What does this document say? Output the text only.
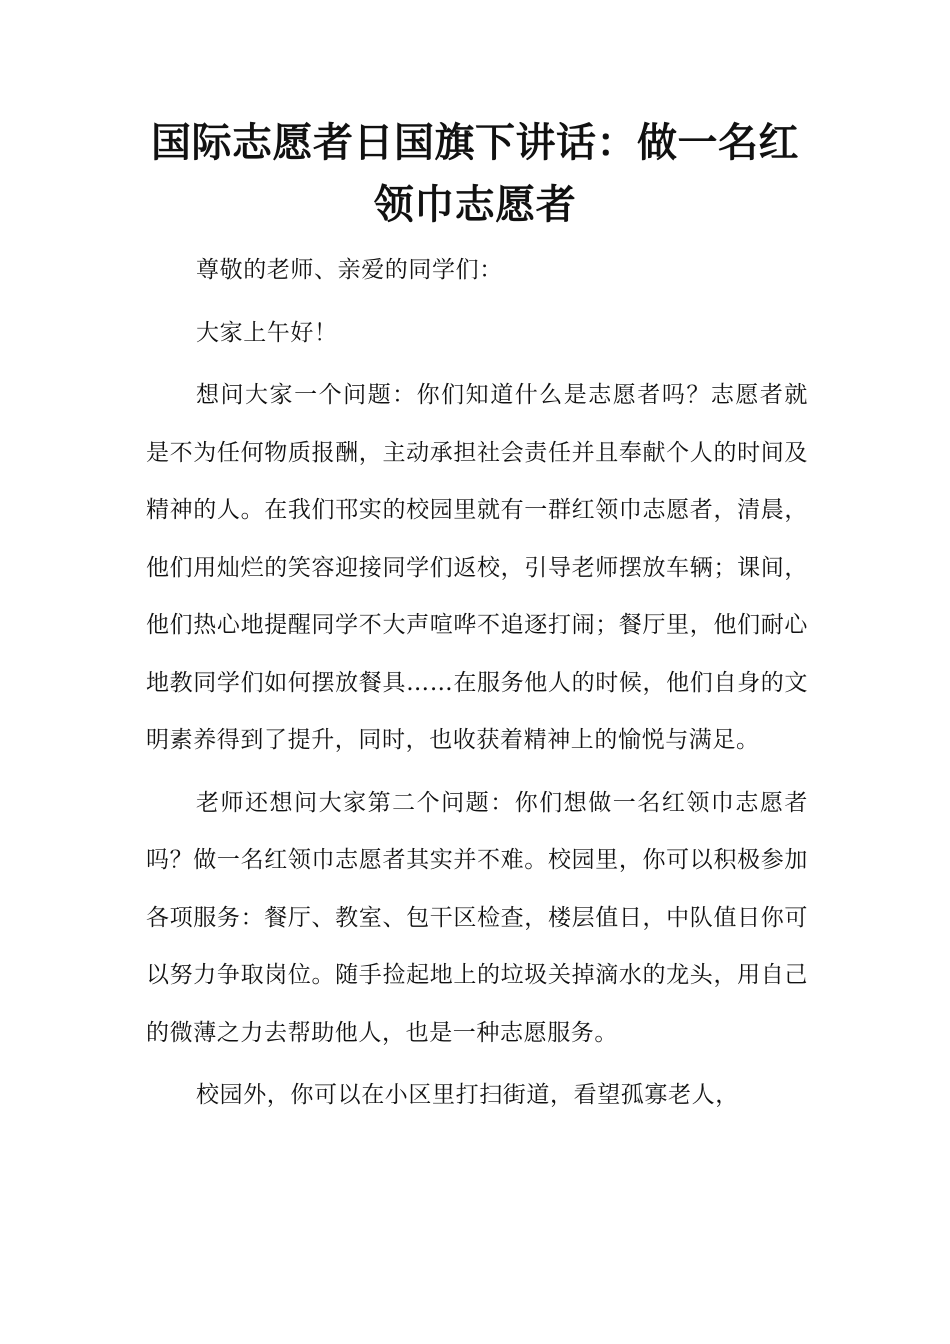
国际志愿者日国旗下讲话：做一名红领巾志愿者

尊敬的老师、亲爱的同学们：

大家上午好！

想问大家一个问题：你们知道什么是志愿者吗？志愿者就是不为任何物质报酬，主动承担社会责任并且奉献个人的时间及精神的人。在我们邗实的校园里就有一群红领巾志愿者，清晨，他们用灿烂的笑容迎接同学们返校，引导老师摆放车辆；课间，他们热心地提醒同学不大声喧哗不追逐打闹；餐厅里，他们耐心地教同学们如何摆放餐具……在服务他人的时候，他们自身的文明素养得到了提升，同时，也收获着精神上的愉悦与满足。

老师还想问大家第二个问题：你们想做一名红领巾志愿者吗？做一名红领巾志愿者其实并不难。校园里，你可以积极参加各项服务：餐厅、教室、包干区检查，楼层值日，中队值日你可以努力争取岗位。随手捡起地上的垃圾关掉滴水的龙头，用自己的微薄之力去帮助他人，也是一种志愿服务。

校园外，你可以在小区里打扫街道，看望孤寡老人，
